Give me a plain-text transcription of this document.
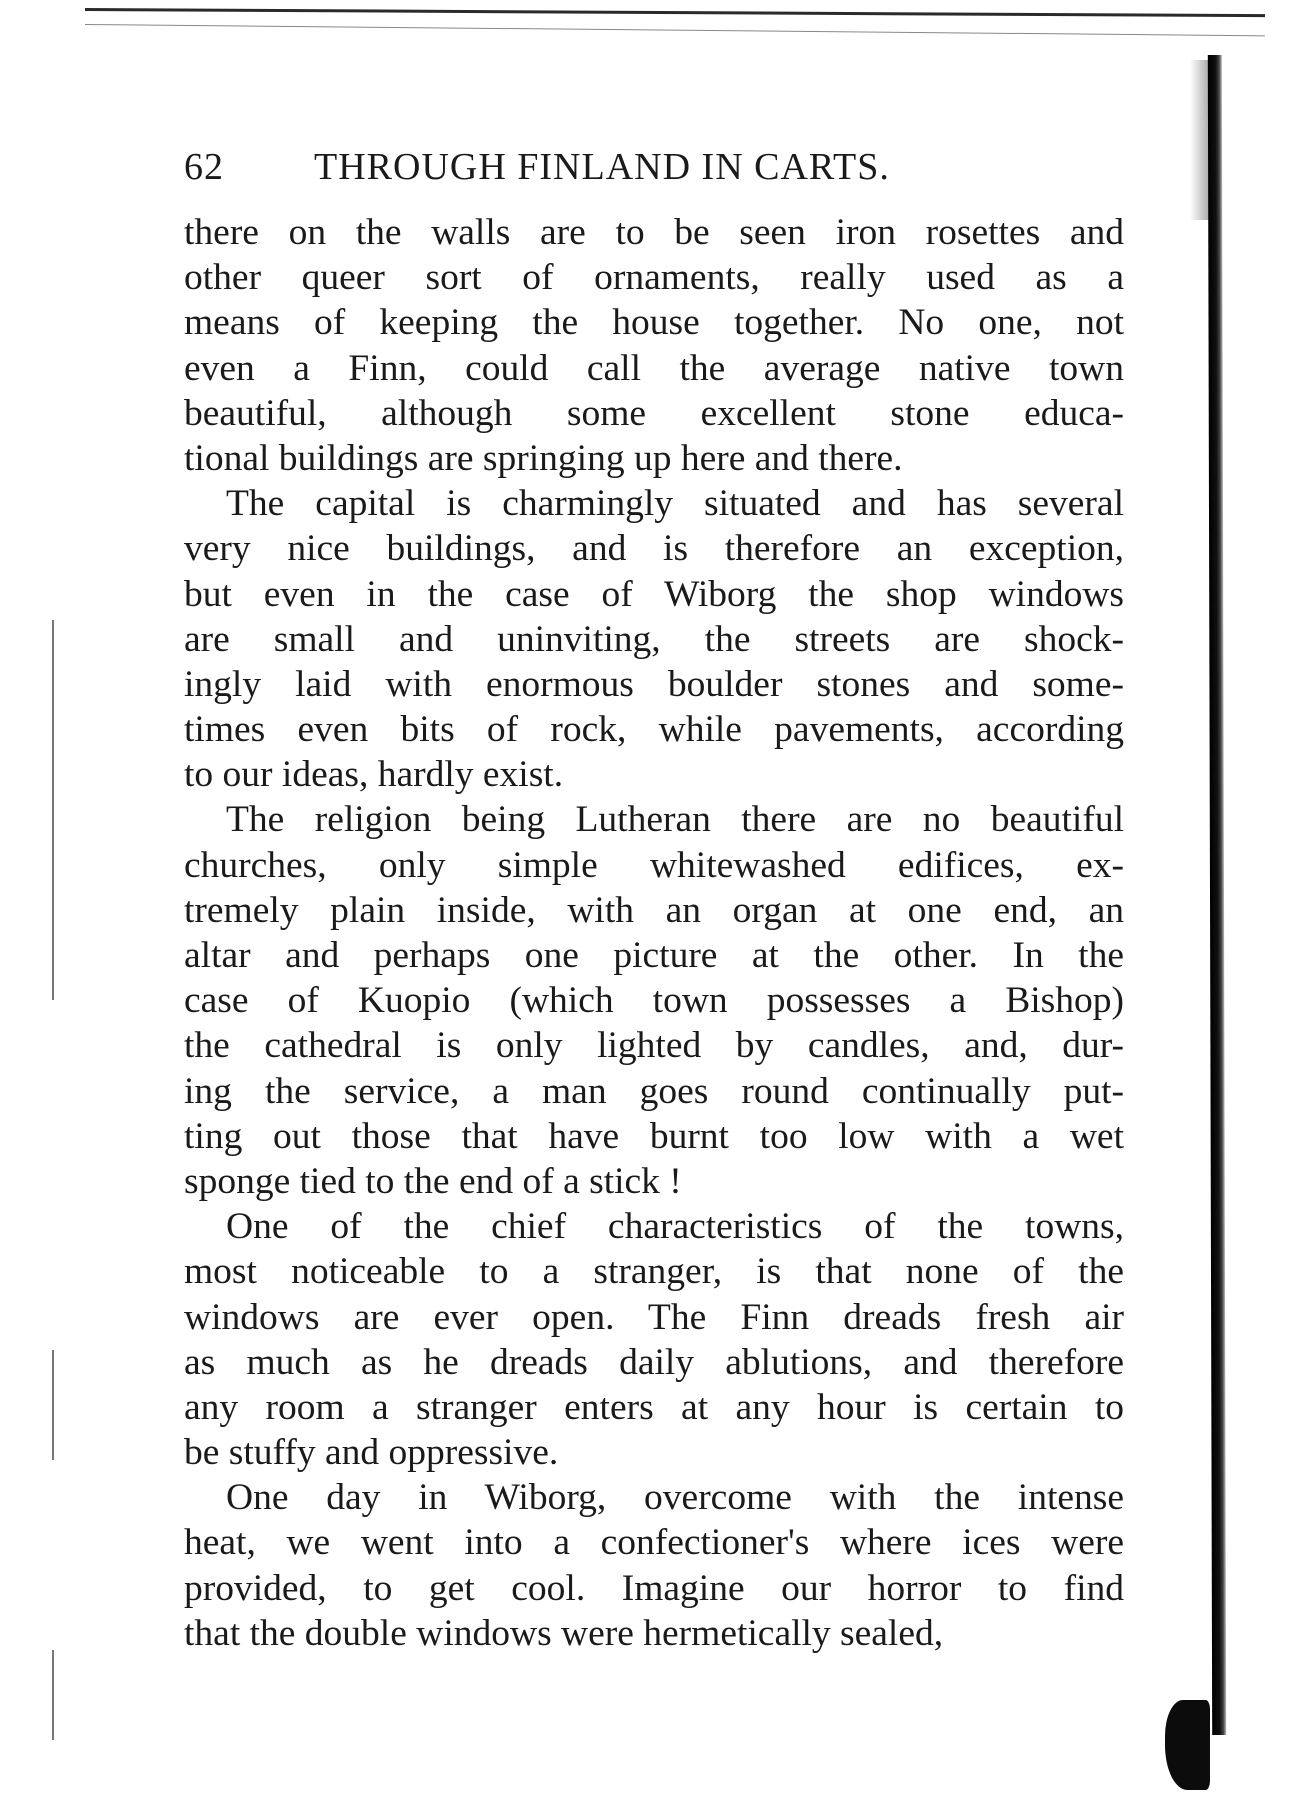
62 THROUGH FINLAND IN CARTS.
there on the walls are to be seen iron rosettes and
other queer sort of ornaments, really used as a
means of keeping the house together. No one, not
even a Finn, could call the average native town
beautiful, although some excellent stone educa-
tional buildings are springing up here and there.
The capital is charmingly situated and has several
very nice buildings, and is therefore an exception,
but even in the case of Wiborg the shop windows
are small and uninviting, the streets are shock-
ingly laid with enormous boulder stones and some-
times even bits of rock, while pavements, according
to our ideas, hardly exist.
The religion being Lutheran there are no beautiful
churches, only simple whitewashed edifices, ex-
tremely plain inside, with an organ at one end, an
altar and perhaps one picture at the other. In the
case of Kuopio (which town possesses a Bishop)
the cathedral is only lighted by candles, and, dur-
ing the service, a man goes round continually put-
ting out those that have burnt too low with a wet
sponge tied to the end of a stick !
One of the chief characteristics of the towns,
most noticeable to a stranger, is that none of the
windows are ever open. The Finn dreads fresh air
as much as he dreads daily ablutions, and therefore
any room a stranger enters at any hour is certain to
be stuffy and oppressive.
One day in Wiborg, overcome with the intense
heat, we went into a confectioner's where ices were
provided, to get cool. Imagine our horror to find
that the double windows were hermetically sealed,
